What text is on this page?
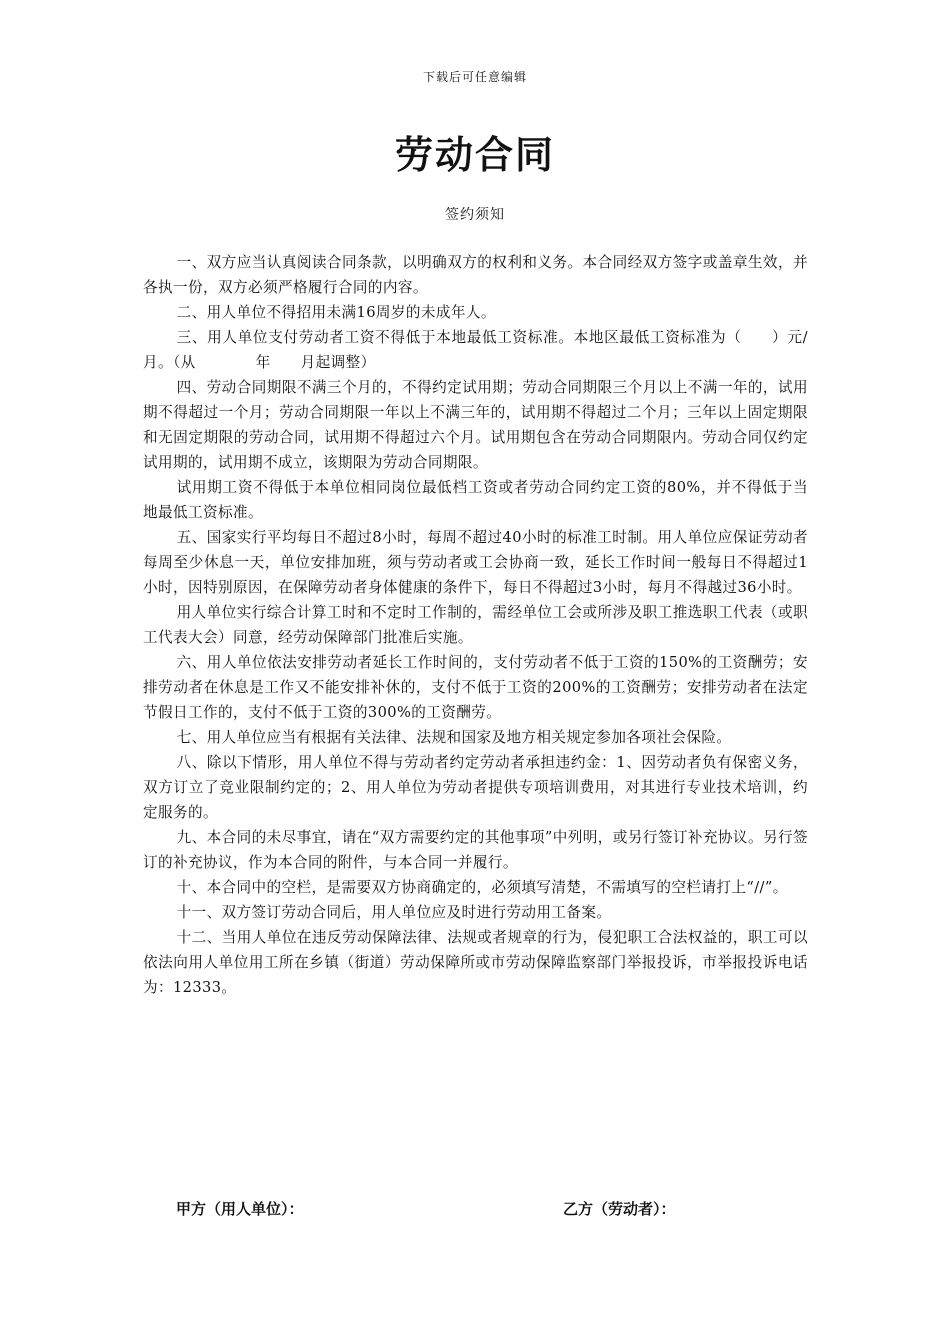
下载后可任意编辑
劳动合同
签约须知

一、双方应当认真阅读合同条款，以明确双方的权利和义务。本合同经双方签字或盖章生效，并各执一份，双方必须严格履行合同的内容。

二、用人单位不得招用未满16周岁的未成年人。

三、用人单位支付劳动者工资不得低于本地最低工资标准。本地区最低工资标准为（　　）元/月。（从　　　　年　　月起调整）

四、劳动合同期限不满三个月的，不得约定试用期；劳动合同期限三个月以上不满一年的，试用期不得超过一个月；劳动合同期限一年以上不满三年的，试用期不得超过二个月；三年以上固定期限和无固定期限的劳动合同，试用期不得超过六个月。试用期包含在劳动合同期限内。劳动合同仅约定试用期的，试用期不成立，该期限为劳动合同期限。

试用期工资不得低于本单位相同岗位最低档工资或者劳动合同约定工资的80%，并不得低于当地最低工资标准。

五、国家实行平均每日不超过8小时，每周不超过40小时的标准工时制。用人单位应保证劳动者每周至少休息一天，单位安排加班，须与劳动者或工会协商一致，延长工作时间一般每日不得超过1小时，因特别原因，在保障劳动者身体健康的条件下，每日不得超过3小时，每月不得越过36小时。

用人单位实行综合计算工时和不定时工作制的，需经单位工会或所涉及职工推选职工代表（或职工代表大会）同意，经劳动保障部门批准后实施。

六、用人单位依法安排劳动者延长工作时间的，支付劳动者不低于工资的150%的工资酬劳；安排劳动者在休息是工作又不能安排补休的，支付不低于工资的200%的工资酬劳；安排劳动者在法定节假日工作的，支付不低于工资的300%的工资酬劳。

七、用人单位应当有根据有关法律、法规和国家及地方相关规定参加各项社会保险。

八、除以下情形，用人单位不得与劳动者约定劳动者承担违约金：1、因劳动者负有保密义务，双方订立了竞业限制约定的；2、用人单位为劳动者提供专项培训费用，对其进行专业技术培训，约定服务的。

九、本合同的未尽事宜，请在“双方需要约定的其他事项”中列明，或另行签订补充协议。另行签订的补充协议，作为本合同的附件，与本合同一并履行。

十、本合同中的空栏，是需要双方协商确定的，必须填写清楚，不需填写的空栏请打上“//”。

十一、双方签订劳动合同后，用人单位应及时进行劳动用工备案。

十二、当用人单位在违反劳动保障法律、法规或者规章的行为，侵犯职工合法权益的，职工可以依法向用人单位用工所在乡镇（街道）劳动保障所或市劳动保障监察部门举报投诉，市举报投诉电话为：12333。

甲方（用人单位）：	乙方（劳动者）：
